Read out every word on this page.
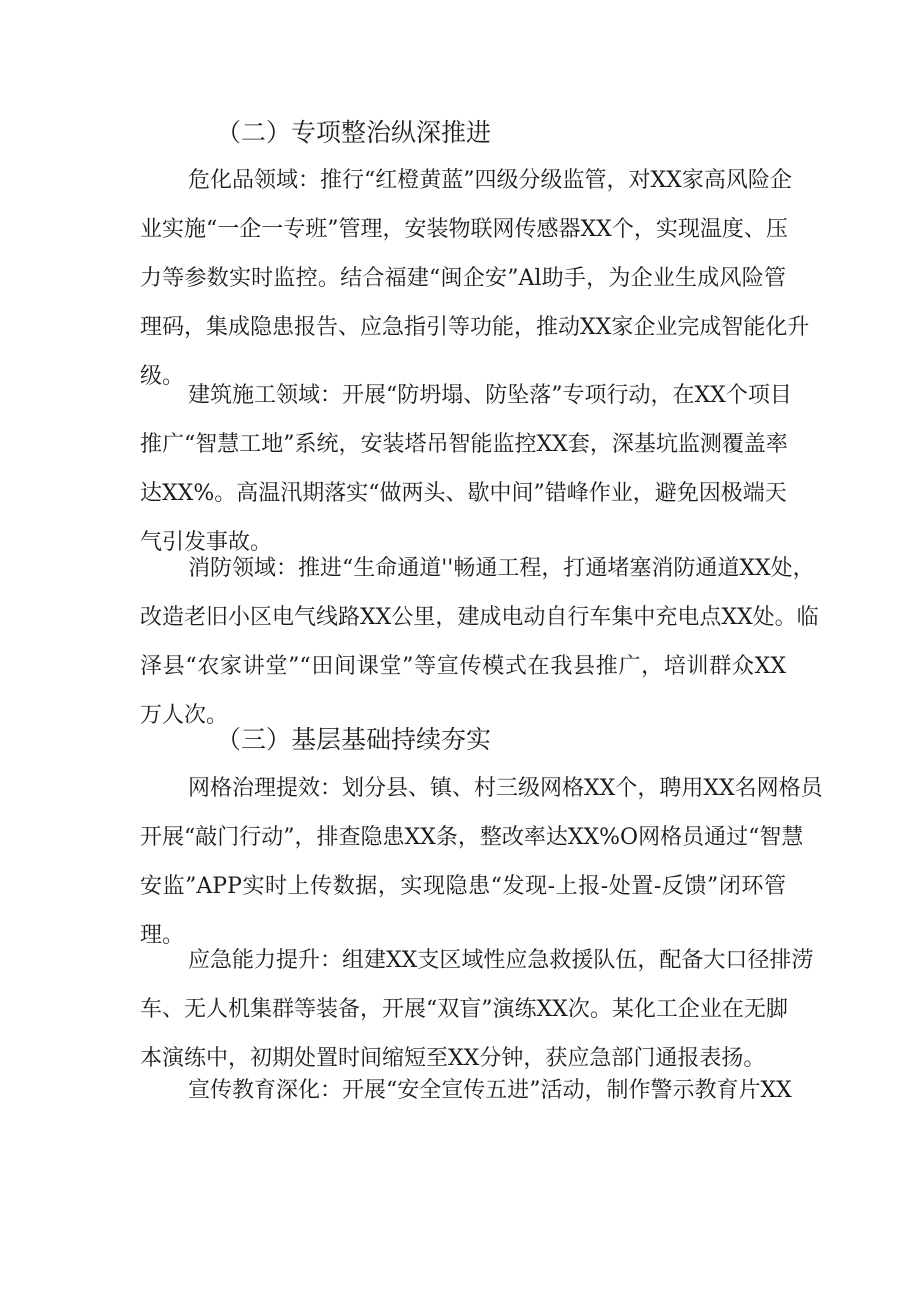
（二）专项整治纵深推进
危化品领域：推行“红橙黄蓝”四级分级监管，对XX家高风险企
业实施“一企一专班”管理，安装物联网传感器XX个，实现温度、压
力等参数实时监控。结合福建“闽企安”Al助手，为企业生成风险管
理码，集成隐患报告、应急指引等功能，推动XX家企业完成智能化升
级。
建筑施工领域：开展“防坍塌、防坠落”专项行动，在XX个项目
推广“智慧工地”系统，安装塔吊智能监控XX套，深基坑监测覆盖率
达XX%。高温汛期落实“做两头、歇中间”错峰作业，避免因极端天
气引发事故。
消防领域：推进“生命通道''畅通工程，打通堵塞消防通道XX处，
改造老旧小区电气线路XX公里，建成电动自行车集中充电点XX处。临
泽县“农家讲堂”“田间课堂”等宣传模式在我县推广，培训群众XX
万人次。
（三）基层基础持续夯实
网格治理提效：划分县、镇、村三级网格XX个，聘用XX名网格员
开展“敲门行动”，排查隐患XX条，整改率达XX%O网格员通过“智慧
安监”APP实时上传数据，实现隐患“发现-上报-处置-反馈”闭环管
理。
应急能力提升：组建XX支区域性应急救援队伍，配备大口径排涝
车、无人机集群等装备，开展“双盲”演练XX次。某化工企业在无脚
本演练中，初期处置时间缩短至XX分钟，获应急部门通报表扬。
宣传教育深化：开展“安全宣传五进”活动，制作警示教育片XX
